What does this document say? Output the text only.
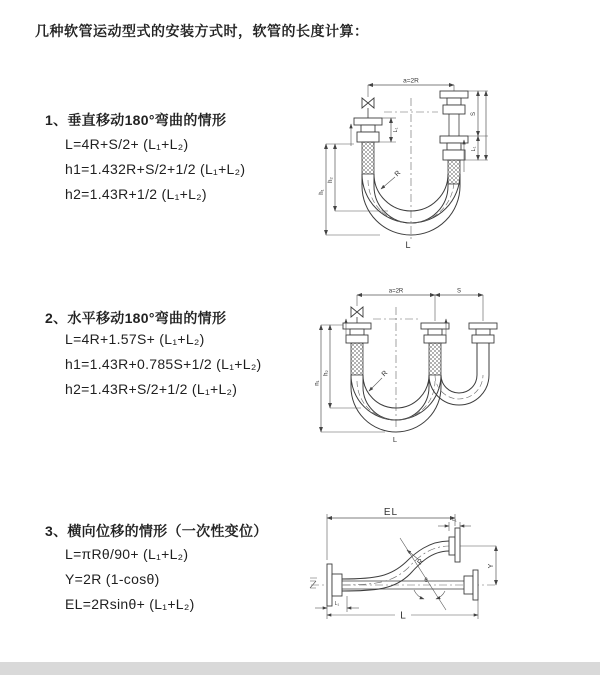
几种软管运动型式的安装方式时，软管的长度计算：
1、垂直移动180°弯曲的情形
L=4R+S/2+ (L₁+L₂)
h1=1.432R+S/2+1/2 (L₁+L₂)
h2=1.43R+1/2 (L₁+L₂)
a=2R
h₁
h₂
L₁
S
L₁
R
L
2、水平移动180°弯曲的情形
L=4R+1.57S+ (L₁+L₂)
h1=1.43R+0.785S+1/2 (L₁+L₂)
h2=1.43R+S/2+1/2 (L₁+L₂)
a=2R	S
h₁
h₂	R
L
3、横向位移的情形（一次性变位）
L=πRθ/90+ (L₁+L₂)
Y=2R (1-cosθ)
EL=2Rsinθ+ (L₁+L₂)
EL
L₁
Y
R
θ
L
L₁
